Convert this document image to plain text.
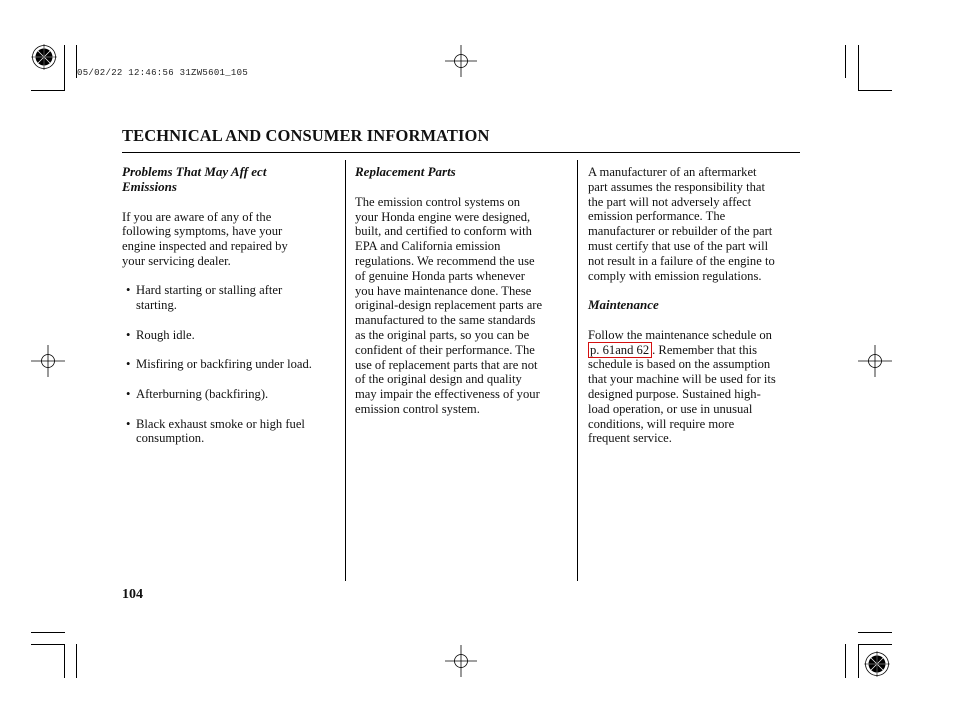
05/02/22 12:46:56 31ZW5601_105
TECHNICAL AND CONSUMER INFORMATION
Problems That May Aff ect
Emissions
If you are aware of any of the
following symptoms, have your
engine inspected and repaired by
your servicing dealer.
• Hard starting or stalling after
starting.
• Rough idle.
• Misfiring or backfiring under load.
• Afterburning (backfiring).
• Black exhaust smoke or high fuel
consumption.
Replacement Parts
The emission control systems on
your Honda engine were designed,
built, and certified to conform with
EPA and California emission
regulations. We recommend the use
of genuine Honda parts whenever
you have maintenance done. These
original-design replacement parts are
manufactured to the same standards
as the original parts, so you can be
confident of their performance. The
use of replacement parts that are not
of the original design and quality
may impair the effectiveness of your
emission control system.
A manufacturer of an aftermarket
part assumes the responsibility that
the part will not adversely affect
emission performance. The
manufacturer or rebuilder of the part
must certify that use of the part will
not result in a failure of the engine to
comply with emission regulations.
Maintenance
Follow the maintenance schedule on
p. 61and 62 . Remember that this
schedule is based on the assumption
that your machine will be used for its
designed purpose. Sustained high-
load operation, or use in unusual
conditions, will require more
frequent service.
104
